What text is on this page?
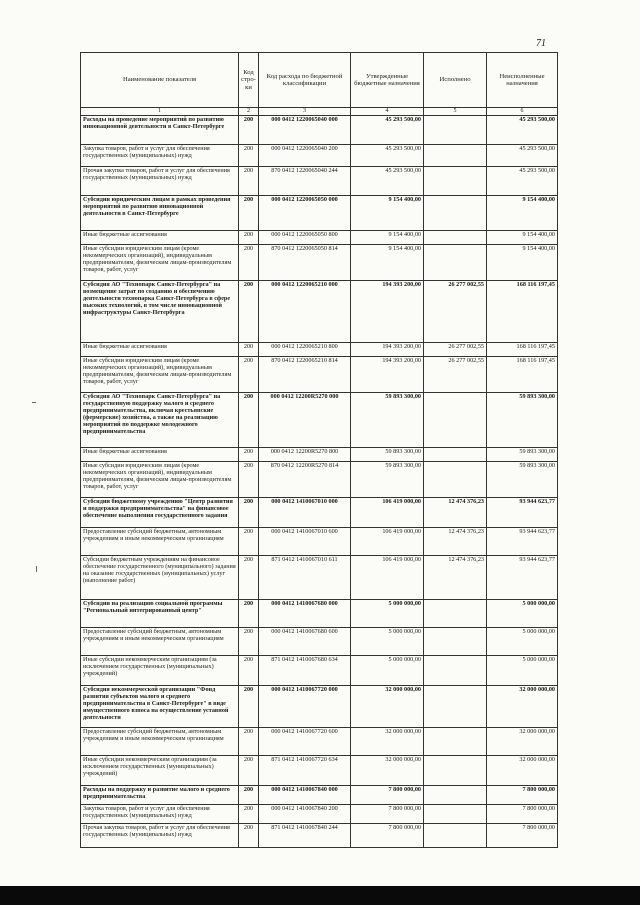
71
Наименование показателя	Код стро-ки	Код расхода по бюджетной классификации	Утвержденные бюджетные назначения	Исполнено	Неисполненные назначения
1	2	3	4	5	6
Расходы на проведение мероприятий по развитию инновационной деятельности в Санкт-Петербурге	200	000 0412 1220065040 000	45 293 500,00		45 293 500,00
Закупка товаров, работ и услуг для обеспечения государственных (муниципальных) нужд	200	000 0412 1220065040 200	45 293 500,00		45 293 500,00
Прочая закупка товаров, работ и услуг для обеспечения государственных (муниципальных) нужд	200	870 0412 1220065040 244	45 293 500,00		45 293 500,00
Субсидии юридическим лицам в рамках проведения мероприятий по развитию инновационной деятельности в Санкт-Петербурге	200	000 0412 1220065050 000	9 154 400,00		9 154 400,00
Иные бюджетные ассигнования	200	000 0412 1220065050 800	9 154 400,00		9 154 400,00
Иные субсидии юридическим лицам (кроме некоммерческих организаций), индивидуальным предпринимателям, физическим лицам-производителям товаров, работ, услуг	200	870 0412 1220065050 814	9 154 400,00		9 154 400,00
Субсидия АО "Технопарк Санкт-Петербурга" на возмещение затрат по созданию и обеспечению деятельности технопарка Санкт-Петербурга в сфере высоких технологий, в том числе инновационной инфраструктуры Санкт-Петербурга	200	000 0412 1220065210 000	194 393 200,00	26 277 002,55	168 116 197,45
Иные бюджетные ассигнования	200	000 0412 1220065210 800	194 393 200,00	26 277 002,55	168 116 197,45
Иные субсидии юридическим лицам (кроме некоммерческих организаций), индивидуальным предпринимателям, физическим лицам-производителям товаров, работ, услуг	200	870 0412 1220065210 814	194 393 200,00	26 277 002,55	168 116 197,45
Субсидия АО "Технопарк Санкт-Петербурга" на государственную поддержку малого и среднего предпринимательства, включая крестьянские (фермерские) хозяйства, а также на реализацию мероприятий по поддержке молодежного предпринимательства	200	000 0412 12200R5270 000	59 893 300,00		59 893 300,00
Иные бюджетные ассигнования	200	000 0412 12200R5270 800	59 893 300,00		59 893 300,00
Иные субсидии юридическим лицам (кроме некоммерческих организаций), индивидуальным предпринимателям, физическим лицам-производителям товаров, работ, услуг	200	870 0412 12200R5270 814	59 893 300,00		59 893 300,00
Субсидии бюджетному учреждению "Центр развития и поддержки предпринимательства" на финансовое обеспечение выполнения государственного задания	200	000 0412 1410067010 000	106 419 000,00	12 474 376,23	93 944 623,77
Предоставление субсидий бюджетным, автономным учреждениям и иным некоммерческим организациям	200	000 0412 1410067010 600	106 419 000,00	12 474 376,23	93 944 623,77
Субсидии бюджетным учреждениям на финансовое обеспечение государственного (муниципального) задания на оказание государственных (муниципальных) услуг (выполнение работ)	200	871 0412 1410067010 611	106 419 000,00	12 474 376,23	93 944 623,77
Субсидии на реализацию социальной программы "Региональный интегрированный центр"	200	000 0412 1410067680 000	5 000 000,00		5 000 000,00
Предоставление субсидий бюджетным, автономным учреждениям и иным некоммерческим организациям	200	000 0412 1410067680 600	5 000 000,00		5 000 000,00
Иные субсидии некоммерческим организациям (за исключением государственных (муниципальных) учреждений)	200	871 0412 1410067680 634	5 000 000,00		5 000 000,00
Субсидия некоммерческой организации "Фонд развития субъектов малого и среднего предпринимательства в Санкт-Петербурге" в виде имущественного взноса на осуществление уставной деятельности	200	000 0412 1410067720 000	32 000 000,00		32 000 000,00
Предоставление субсидий бюджетным, автономным учреждениям и иным некоммерческим организациям	200	000 0412 1410067720 600	32 000 000,00		32 000 000,00
Иные субсидии некоммерческим организациям (за исключением государственных (муниципальных) учреждений)	200	871 0412 1410067720 634	32 000 000,00		32 000 000,00
Расходы на поддержку и развитие малого и среднего предпринимательства	200	000 0412 1410067840 000	7 800 000,00		7 800 000,00
Закупка товаров, работ и услуг для обеспечения государственных (муниципальных) нужд	200	000 0412 1410067840 200	7 800 000,00		7 800 000,00
Прочая закупка товаров, работ и услуг для обеспечения государственных (муниципальных) нужд	200	871 0412 1410067840 244	7 800 000,00		7 800 000,00
